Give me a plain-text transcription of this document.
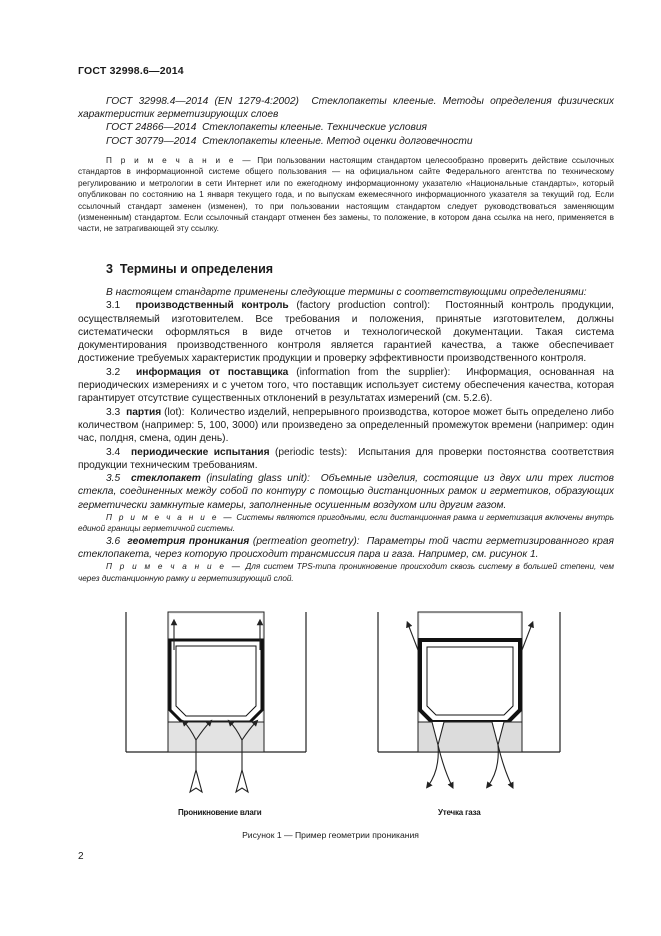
ГОСТ 32998.6—2014

ГОСТ 32998.4—2014 (EN 1279-4:2002) Стеклопакеты клееные. Методы определения физических характеристик герметизирующих слоев

ГОСТ 24866—2014 Стеклопакеты клееные. Технические условия

ГОСТ 30779—2014 Стеклопакеты клееные. Метод оценки долговечности

П р и м е ч а н и е — При пользовании настоящим стандартом целесообразно проверить действие ссылочных стандартов в информационной системе общего пользования — на официальном сайте Федерального агентства по техническому регулированию и метрологии в сети Интернет или по ежегодному информационному указателю «Национальные стандарты», который опубликован по состоянию на 1 января текущего года, и по выпускам ежемесячного информационного указателя за текущий год. Если ссылочный стандарт заменен (изменен), то при пользовании настоящим стандартом следует руководствоваться заменяющим (измененным) стандартом. Если ссылочный стандарт отменен без замены, то положение, в котором дана ссылка на него, применяется в части, не затрагивающей эту ссылку.

3 Термины и определения

В настоящем стандарте применены следующие термины с соответствующими определениями:

3.1 производственный контроль (factory production control): Постоянный контроль продукции, осуществляемый изготовителем. Все требования и положения, принятые изготовителем, должны систематически оформляться в виде отчетов и технологической документации. Такая система документирования производственного контроля является гарантией качества, а также обеспечивает достижение требуемых характеристик продукции и проверку эффективности производственного контроля.

3.2 информация от поставщика (information from the supplier): Информация, основанная на периодических измерениях и с учетом того, что поставщик использует систему обеспечения качества, которая гарантирует отсутствие существенных отклонений в результатах измерений (см. 5.2.6).

3.3 партия (lot): Количество изделий, непрерывного производства, которое может быть определено либо количеством (например: 5, 100, 3000) или произведено за определенный промежуток времени (например: один час, полдня, смена, один день).

3.4 периодические испытания (periodic tests): Испытания для проверки постоянства соответствия продукции техническим требованиям.

3.5 стеклопакет (insulating glass unit): Объемные изделия, состоящие из двух или трех листов стекла, соединенных между собой по контуру с помощью дистанционных рамок и герметиков, образующих герметически замкнутые камеры, заполненные осушенным воздухом или другим газом.

П р и м е ч а н и е — Системы являются пригодными, если дистанционная рамка и герметизация включены внутрь единой границы герметичной системы.

3.6 геометрия проникания (permeation geometry): Параметры той части герметизированного края стеклопакета, через которую происходит трансмиссия пара и газа. Например, см. рисунок 1.

П р и м е ч а н и е — Для систем TPS-типа проникновение происходит сквозь систему в большей степени, чем через дистанционную рамку и герметизирующий слой.

Проникновение влаги	Утечка газа
Рисунок 1 — Пример геометрии проникания
2
